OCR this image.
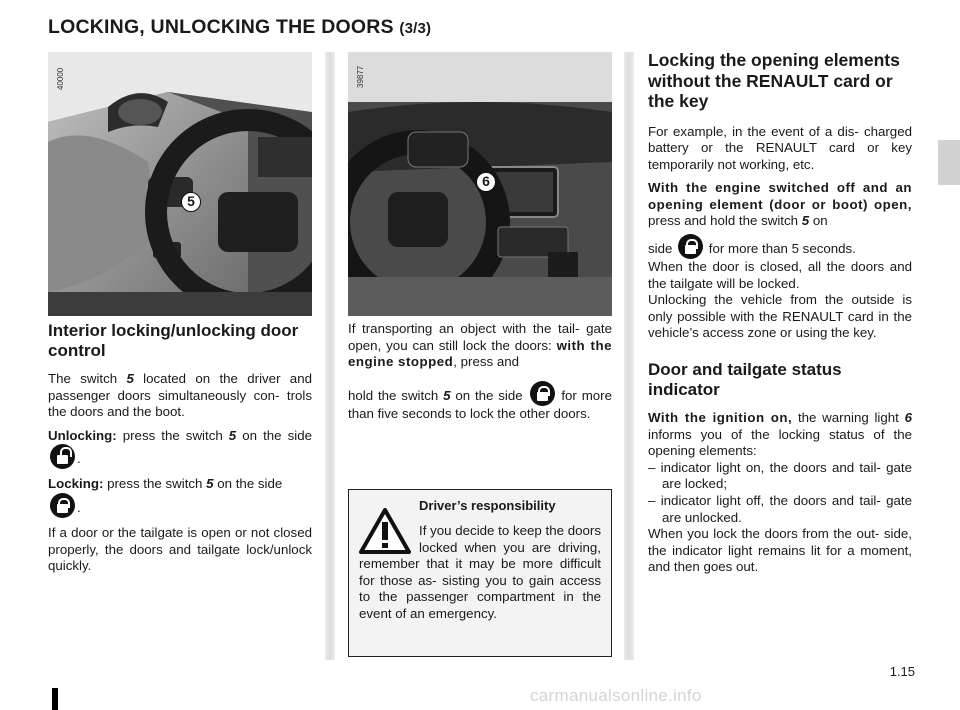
LOCKING, UNLOCKING THE DOORS (3/3)
40000
5
39877
6
Interior locking/unlocking door control
The switch 5 located on the driver and passenger doors simultaneously con- trols the doors and the boot.
Unlocking: press the switch 5 on the side .
Locking: press the switch 5 on the side
.
If a door or the tailgate is open or not closed properly, the doors and tailgate lock/unlock quickly.
If transporting an object with the tail- gate open, you can still lock the doors: with the engine stopped, press and
hold the switch 5 on the side	for more than five seconds to lock the other doors.
Driver’s responsibility
If you decide to keep the doors locked when you are driving, remember that it may be more difficult for those as- sisting you to gain access to the passenger compartment in the event of an emergency.
Locking the opening elements without the RENAULT card or the key
For example, in the event of a dis- charged battery or the RENAULT card or key temporarily not working, etc.
With the engine switched off and an opening element (door or boot) open, press and hold the switch 5 on
side  for more than 5 seconds.
When the door is closed, all the doors and the tailgate will be locked.
Unlocking the vehicle from the outside is only possible with the RENAULT card in the vehicle’s access zone or using the key.
Door and tailgate status indicator
With the ignition on, the warning light 6 informs you of the locking status of the opening elements:
– indicator light on, the doors and tail- gate are locked;
– indicator light off, the doors and tail- gate are unlocked.
When you lock the doors from the out- side, the indicator light remains lit for a moment, and then goes out.
1.15
carmanualsonline.info
